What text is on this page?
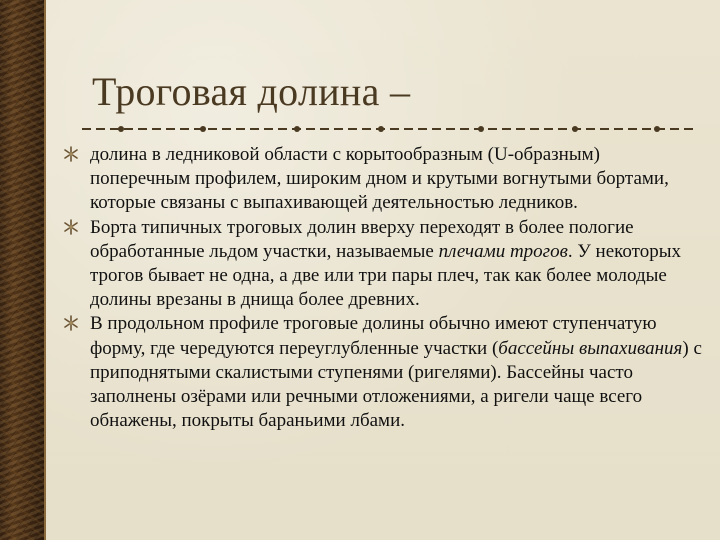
Троговая долина –
долина в ледниковой области с корытообразным (U-образным) поперечным профилем, широким дном и крутыми вогнутыми бортами, которые связаны с выпахивающей деятельностью ледников.
Борта типичных троговых долин вверху переходят в более пологие обработанные льдом участки, называемые плечами трогов. У некоторых трогов бывает не одна, а две или три пары плеч, так как более молодые долины врезаны в днища более древних.
В продольном профиле троговые долины обычно имеют ступенчатую форму, где чередуются переуглубленные участки (бассейны выпахивания) с приподнятыми скалистыми ступенями (ригелями). Бассейны часто заполнены озёрами или речными отложениями, а ригели чаще всего обнажены, покрыты бараньими лбами.
